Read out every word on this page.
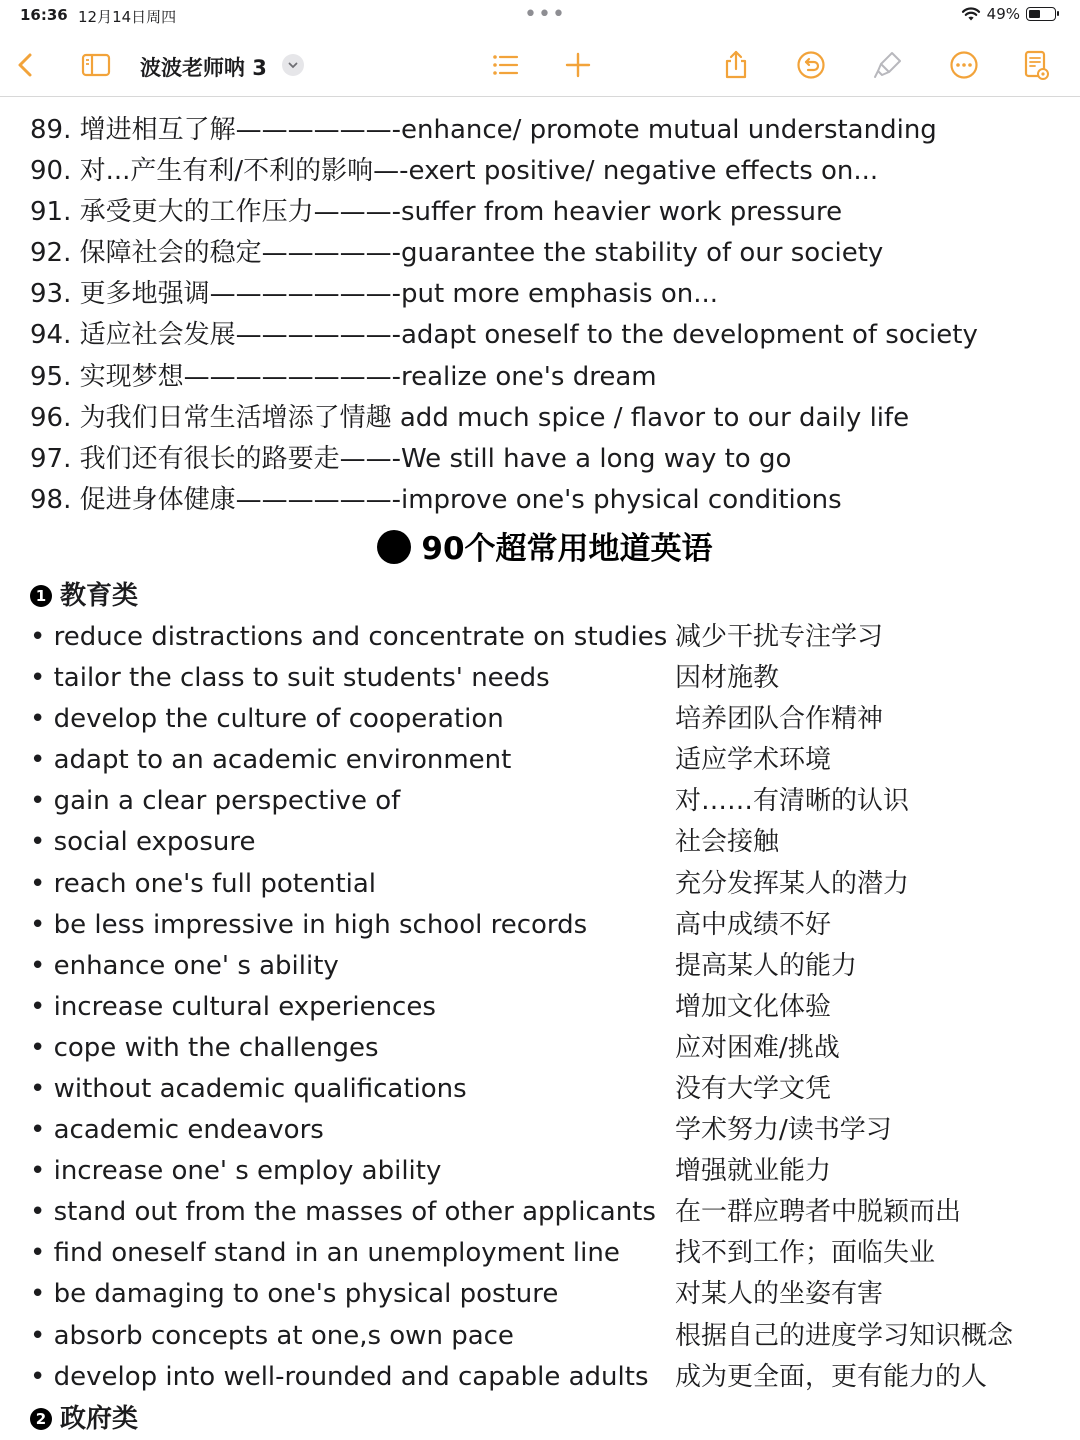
16:36 12月14日周四	•••	49%
波波老师呐 3
89. 增进相互了解——————-enhance/ promote mutual understanding
90. 对...产生有利/不利的影响—-exert positive/ negative effects on...
91. 承受更大的工作压力———-suffer from heavier work pressure
92. 保障社会的稳定—————-guarantee the stability of our society
93. 更多地强调———————-put more emphasis on...
94. 适应社会发展——————-adapt oneself to the development of society
95. 实现梦想————————-realize one's dream
96. 为我们日常生活增添了情趣 add much spice / flavor to our daily life
97. 我们还有很长的路要走——-We still have a long way to go
98. 促进身体健康——————-improve one's physical conditions
90个超常用地道英语
1 教育类
• reduce distractions and concentrate on studies 减少干扰专注学习
• tailor the class to suit students' needs	因材施教
• develop the culture of cooperation	培养团队合作精神
• adapt to an academic environment	适应学术环境
• gain a clear perspective of	对……有清晰的认识
• social exposure	社会接触
• reach one's full potential	充分发挥某人的潜力
• be less impressive in high school records	高中成绩不好
• enhance one' s ability	提高某人的能力
• increase cultural experiences	增加文化体验
• cope with the challenges	应对困难/挑战
• without academic qualifications	没有大学文凭
• academic endeavors	学术努力/读书学习
• increase one' s employ ability	增强就业能力
• stand out from the masses of other applicants 在一群应聘者中脱颖而出
• find oneself stand in an unemployment line 找不到工作；面临失业
• be damaging to one's physical posture	对某人的坐姿有害
• absorb concepts at one,s own pace	根据自己的进度学习知识概念
• develop into well-rounded and capable adults 成为更全面，更有能力的人
2 政府类
